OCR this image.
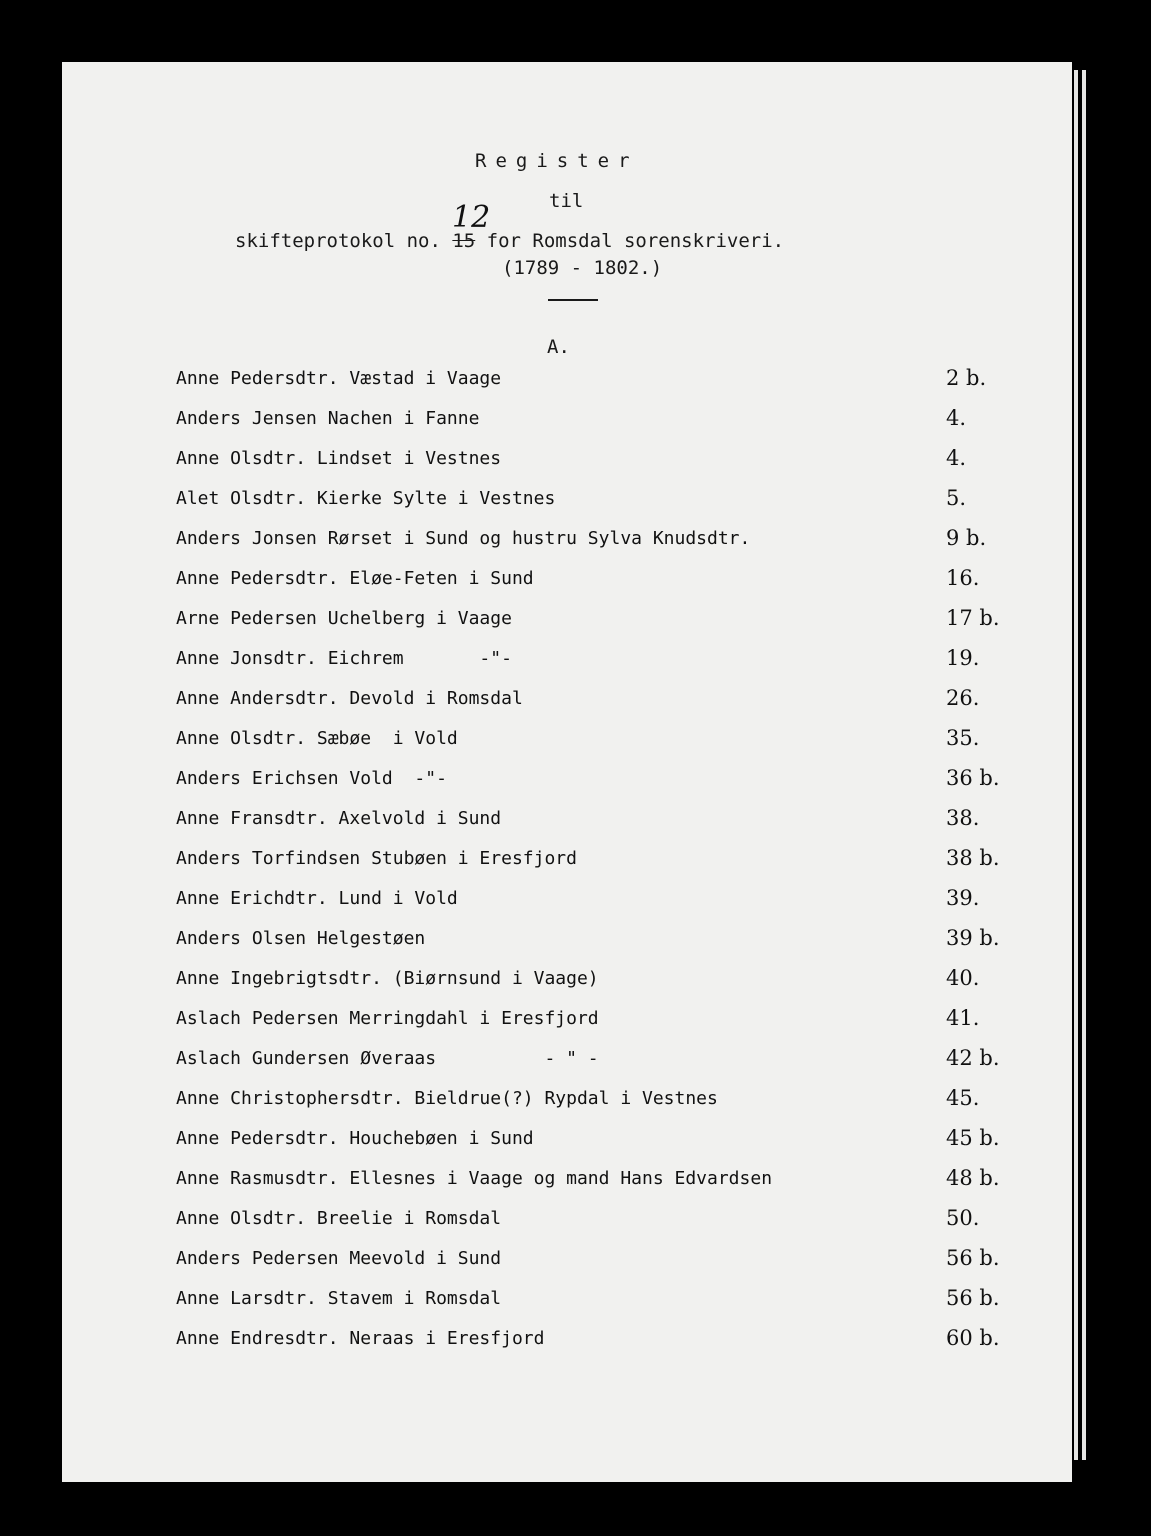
Register
til
skifteprotokol no. 15 for Romsdal sorenskriveri.
12
(1789 - 1802.)
A.
Anne Pedersdtr. Væstad i Vaage	2 b.
Anders Jensen Nachen i Fanne	4.
Anne Olsdtr. Lindset i Vestnes	4.
Alet Olsdtr. Kierke Sylte i Vestnes	5.
Anders Jonsen Rørset i Sund og hustru Sylva Knudsdtr.	9 b.
Anne Pedersdtr. Eløe-Feten i Sund	16.
Arne Pedersen Uchelberg i Vaage	17 b.
Anne Jonsdtr. Eichrem       -"-	19.
Anne Andersdtr. Devold i Romsdal	26.
Anne Olsdtr. Sæbøe  i Vold	35.
Anders Erichsen Vold  -"-	36 b.
Anne Fransdtr. Axelvold i Sund	38.
Anders Torfindsen Stubøen i Eresfjord	38 b.
Anne Erichdtr. Lund i Vold	39.
Anders Olsen Helgestøen	39 b.
Anne Ingebrigtsdtr. (Biørnsund i Vaage)	40.
Aslach Pedersen Merringdahl i Eresfjord	41.
Aslach Gundersen Øveraas          - " -	42 b.
Anne Christophersdtr. Bieldrue(?) Rypdal i Vestnes	45.
Anne Pedersdtr. Houchebøen i Sund	45 b.
Anne Rasmusdtr. Ellesnes i Vaage og mand Hans Edvardsen	48 b.
Anne Olsdtr. Breelie i Romsdal	50.
Anders Pedersen Meevold i Sund	56 b.
Anne Larsdtr. Stavem i Romsdal	56 b.
Anne Endresdtr. Neraas i Eresfjord	60 b.
